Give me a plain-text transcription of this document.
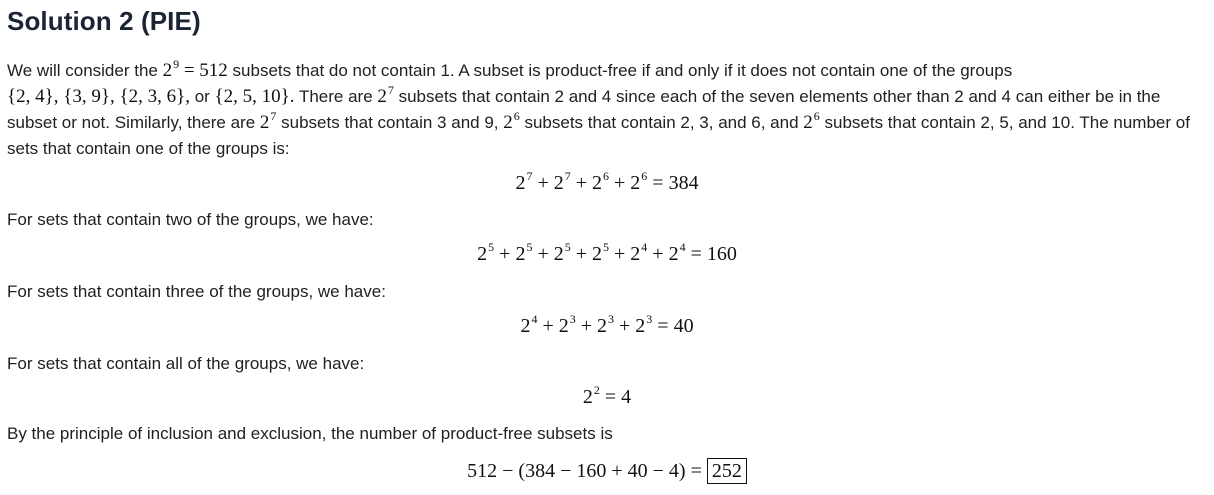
Solution 2 (PIE)
We will consider the $2^9 = 512$ subsets that do not contain 1. A subset is product-free if and only if it does not contain one of the groups
{2, 4}, {3, 9}, {2, 3, 6}, or {2, 5, 10}. There are $2^7$ subsets that contain 2 and 4 since each of the seven elements other than 2 and 4 can either be in the subset or not. Similarly, there are $2^7$ subsets that contain 3 and 9, $2^6$ subsets that contain 2, 3, and 6, and $2^6$ subsets that contain 2, 5, and 10. The number of sets that contain one of the groups is:
$2^7 + 2^7 + 2^6 + 2^6 = 384$
For sets that contain two of the groups, we have:
$2^5 + 2^5 + 2^5 + 2^5 + 2^4 + 2^4 = 160$
For sets that contain three of the groups, we have:
$2^4 + 2^3 + 2^3 + 2^3 = 40$
For sets that contain all of the groups, we have:
$2^2 = 4$
By the principle of inclusion and exclusion, the number of product-free subsets is
512 − (384 − 160 + 40 − 4) = 252
